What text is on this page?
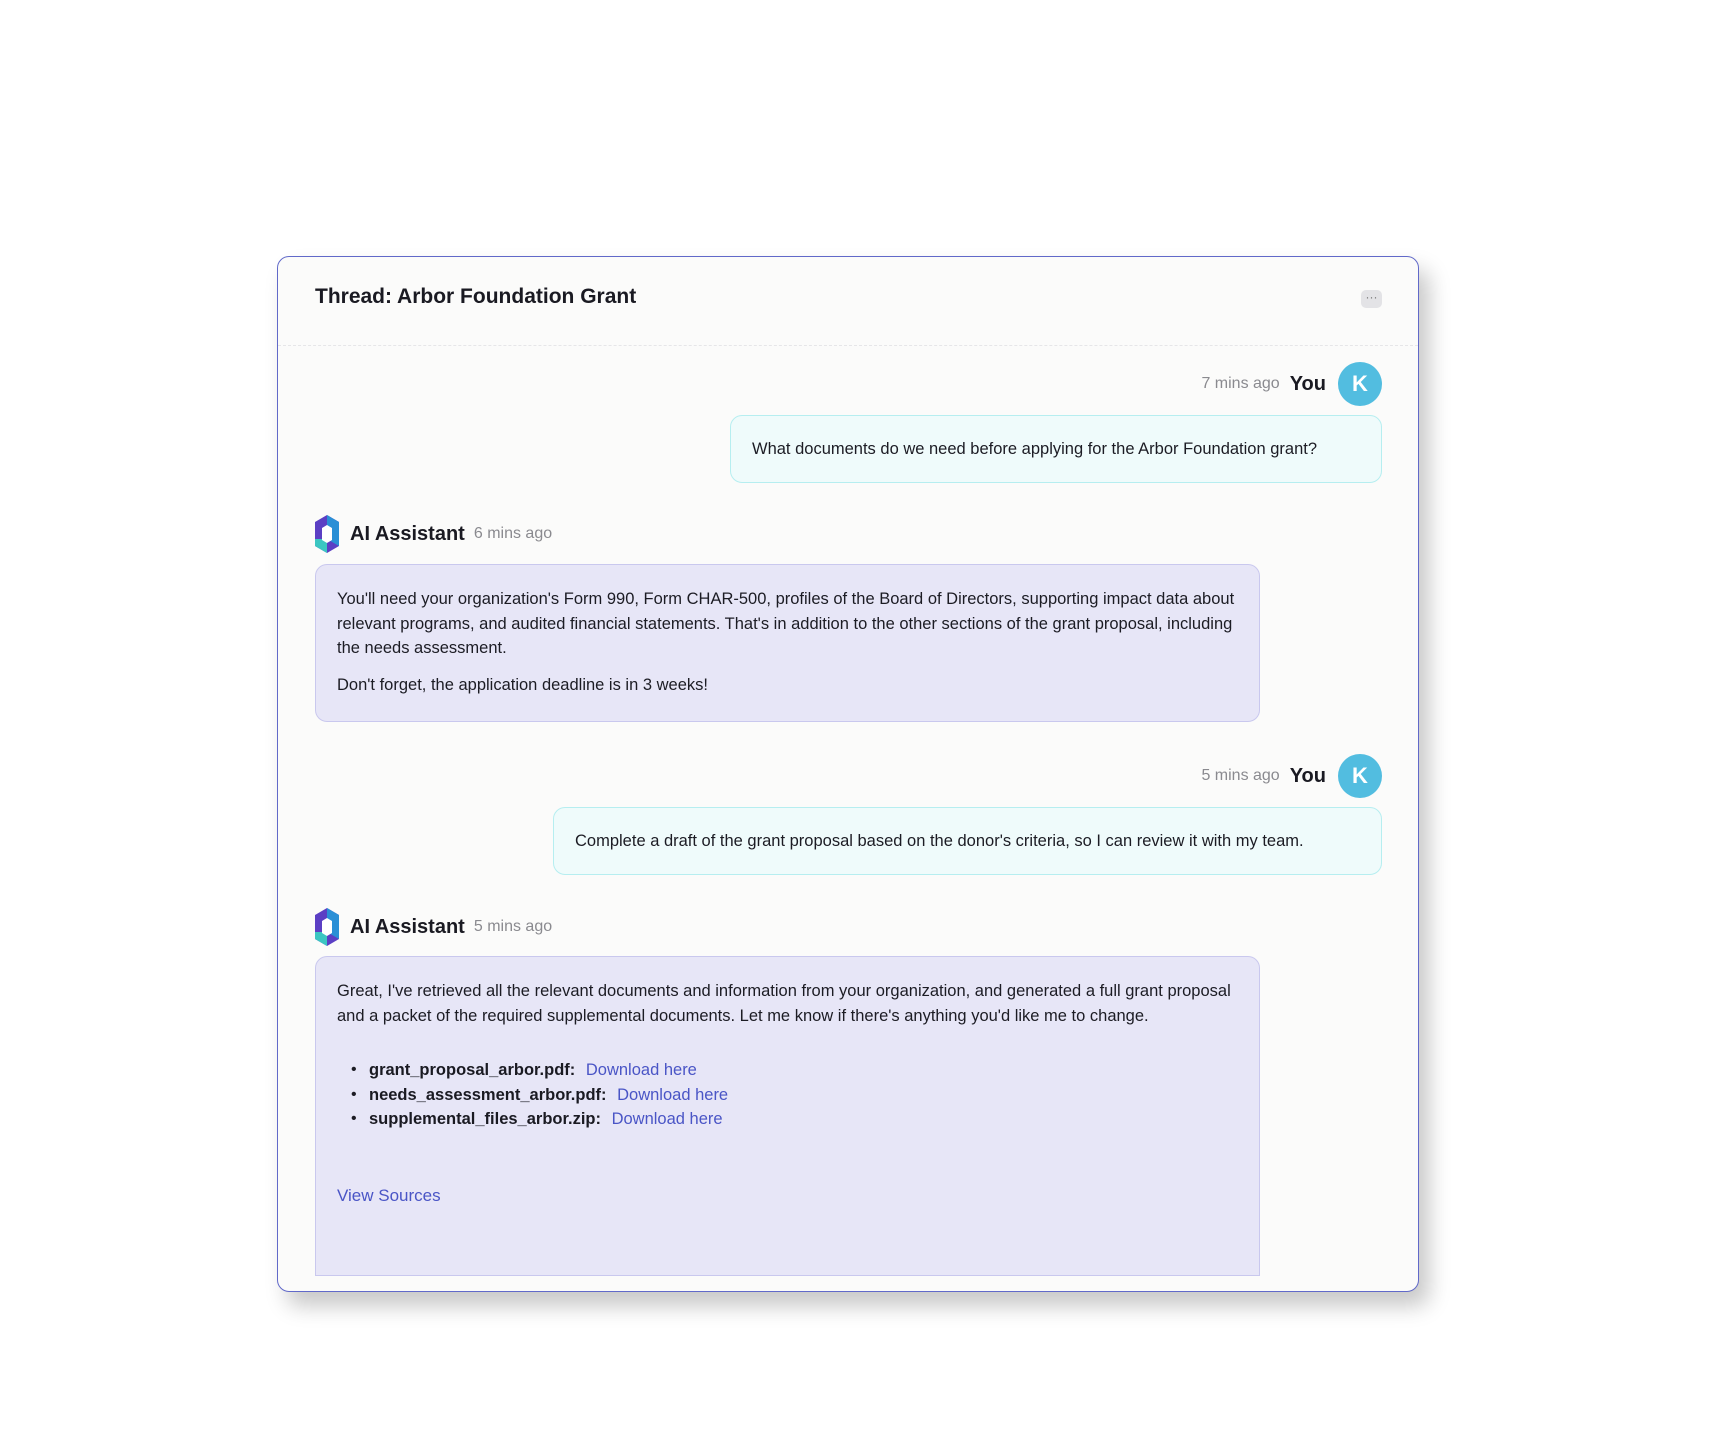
Thread: Arbor Foundation Grant	···
7 mins ago You	K
What documents do we need before applying for the Arbor Foundation grant?
AI Assistant 6 mins ago

You'll need your organization's Form 990, Form CHAR-500, profiles of the Board of Directors, supporting impact data about relevant programs, and audited financial statements. That's in addition to the other sections of the grant proposal, including the needs assessment.

Don't forget, the application deadline is in 3 weeks!

5 mins ago You	K
Complete a draft of the grant proposal based on the donor's criteria, so I can review it with my team.
AI Assistant 5 mins ago

Great, I've retrieved all the relevant documents and information from your organization, and generated a full grant proposal and a packet of the required supplemental documents. Let me know if there's anything you'd like me to change.

• grant_proposal_arbor.pdf: Download here
• needs_assessment_arbor.pdf: Download here
• supplemental_files_arbor.zip: Download here
View Sources
